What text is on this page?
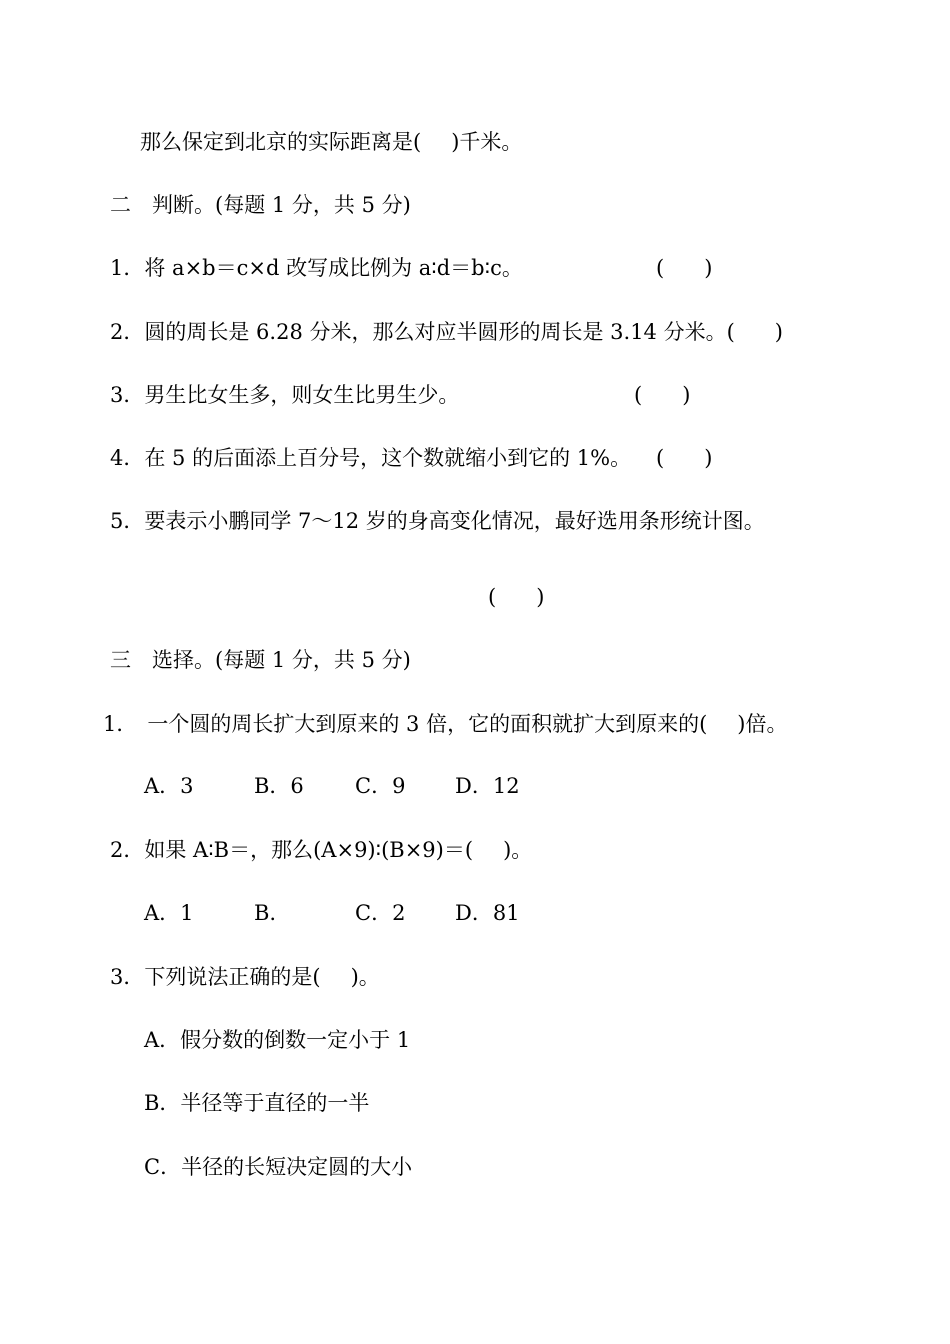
那么保定到北京的实际距离是( )千米。
二　判断。(每题 1 分，共 5 分)
1．将 a×b＝c×d 改写成比例为 a∶d＝b∶c。	( )
2．圆的周长是 6.28 分米，那么对应半圆形的周长是 3.14 分米。( )
3．男生比女生多，则女生比男生少。	( )
4．在 5 的后面添上百分号，这个数就缩小到它的 1%。 ( )
5．要表示小鹏同学 7～12 岁的身高变化情况，最好选用条形统计图。
( )
三　选择。(每题 1 分，共 5 分)
1． 一个圆的周长扩大到原来的 3 倍，它的面积就扩大到原来的( )倍。
A．3	B．6 C．9 D．12
2．如果 A∶B＝，那么(A×9)∶(B×9)＝( )。
A．1	B.	C．2 D．81
3．下列说法正确的是( )。
A．假分数的倒数一定小于 1
B．半径等于直径的一半
C．半径的长短决定圆的大小
